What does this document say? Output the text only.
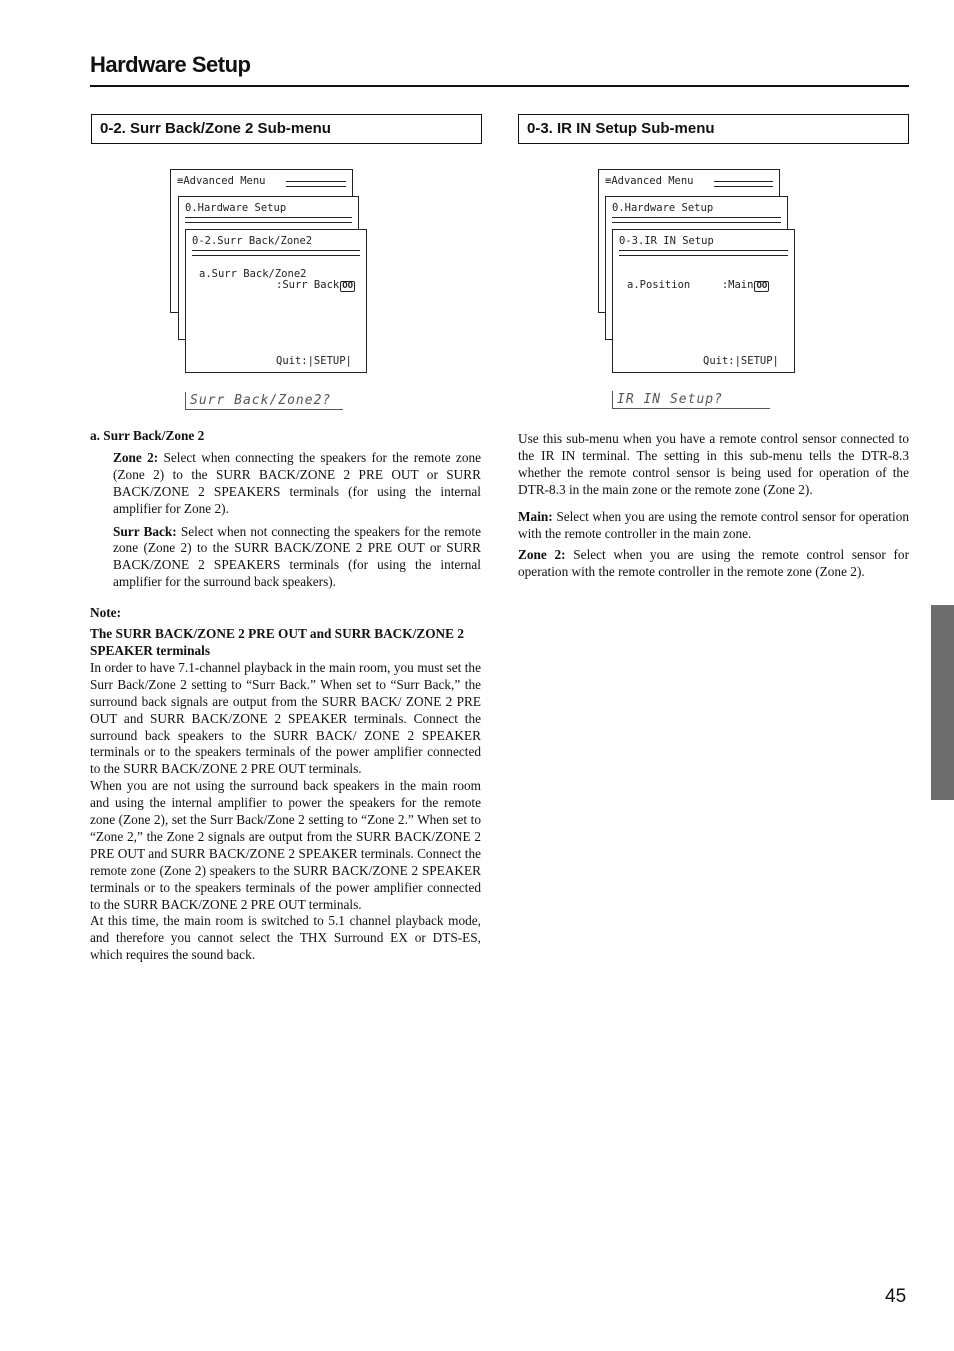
Hardware Setup
0-2. Surr Back/Zone 2 Sub-menu
≡Advanced Menu
0.Hardware Setup
0-2.Surr Back/Zone2
a.Surr Back/Zone2
:Surr Back OO
Quit:|SETUP|
Surr Back/Zone2?

a. Surr Back/Zone 2

Zone 2: Select when connecting the speakers for the remote zone (Zone 2) to the SURR BACK/ZONE 2 PRE OUT or SURR BACK/ZONE 2 SPEAKERS terminals (for using the internal amplifier for Zone 2).

Surr Back: Select when not connecting the speakers for the remote zone (Zone 2) to the SURR BACK/ZONE 2 PRE OUT or SURR BACK/ZONE 2 SPEAKERS terminals (for using the internal amplifier for the surround back speakers).

Note:

The SURR BACK/ZONE 2 PRE OUT and SURR BACK/ZONE 2 SPEAKER terminals

In order to have 7.1-channel playback in the main room, you must set the Surr Back/Zone 2 setting to “Surr Back.” When set to “Surr Back,” the surround back signals are output from the SURR BACK/ ZONE 2 PRE OUT and SURR BACK/ZONE 2 SPEAKER terminals. Connect the surround back speakers to the SURR BACK/ ZONE 2 SPEAKER terminals or to the speakers terminals of the power amplifier connected to the SURR BACK/ZONE 2 PRE OUT terminals.

When you are not using the surround back speakers in the main room and using the internal amplifier to power the speakers for the remote zone (Zone 2), set the Surr Back/Zone 2 setting to “Zone 2.” When set to “Zone 2,” the Zone 2 signals are output from the SURR BACK/ZONE 2 PRE OUT and SURR BACK/ZONE 2 SPEAKER terminals. Connect the remote zone (Zone 2) speakers to the SURR BACK/ZONE 2 SPEAKER terminals or to the speakers terminals of the power amplifier connected to the SURR BACK/ZONE 2 PRE OUT terminals.

At this time, the main room is switched to 5.1 channel playback mode, and therefore you cannot select the THX Surround EX or DTS-ES, which requires the sound back.

0-3. IR IN Setup Sub-menu
≡Advanced Menu
0.Hardware Setup
0-3.IR IN Setup
a.Position     :Main OO
Quit:|SETUP|
IR IN Setup?

Use this sub-menu when you have a remote control sensor connected to the IR IN terminal. The setting in this sub-menu tells the DTR-8.3 whether the remote control sensor is being used for operation of the DTR-8.3 in the main zone or the remote zone (Zone 2).

Main: Select when you are using the remote control sensor for operation with the remote controller in the main zone.

Zone 2: Select when you are using the remote control sensor for operation with the remote controller in the remote zone (Zone 2).

45
